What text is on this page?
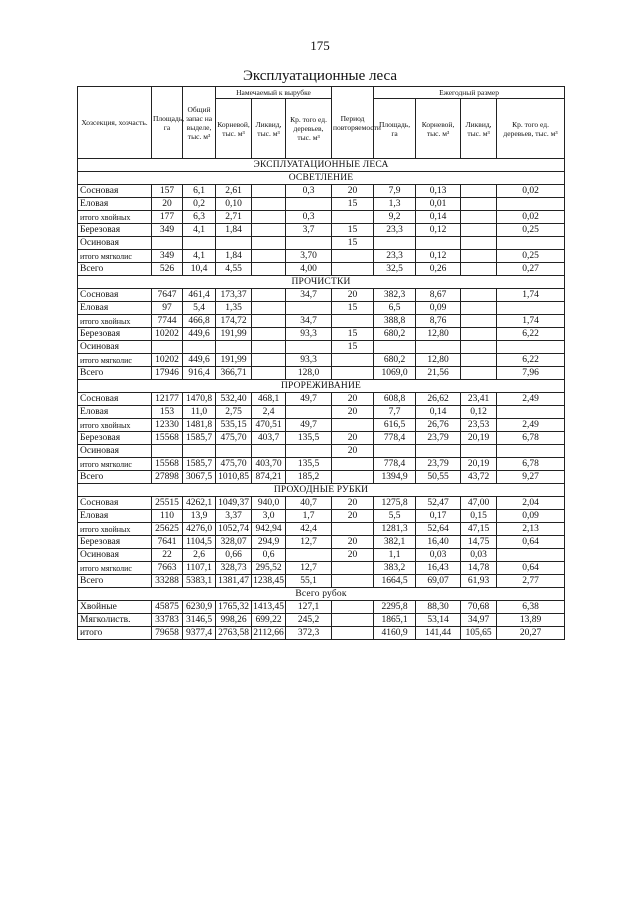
175
Эксплуатационные леса
Хозсекция, хозчасть.	Площадь, га	Общий запас на выделе, тыс. м³	Намечаемый к вырубке			Период повторяемости	Ежегодный размер			
			Корневой, тыс. м³	Ликвид, тыс. м³	Кр. того ед. деревьев, тыс. м³		Площадь, га	Корневой, тыс. м³	Ликвид, тыс. м³	Кр. того ед. деревьев, тыс. м³
ЭКСПЛУАТАЦИОННЫЕ ЛЕСА										
ОСВЕТЛЕНИЕ										
Сосновая	157	6,1	2,61		0,3	20	7,9	0,13		0,02
Еловая	20	0,2	0,10			15	1,3	0,01		
итого хвойных	177	6,3	2,71		0,3		9,2	0,14		0,02
Березовая	349	4,1	1,84		3,7	15	23,3	0,12		0,25
Осиновая						15				
итого мягколис	349	4,1	1,84		3,70		23,3	0,12		0,25
Всего	526	10,4	4,55		4,00		32,5	0,26		0,27
ПРОЧИСТКИ										
Сосновая	7647	461,4	173,37		34,7	20	382,3	8,67		1,74
Еловая	97	5,4	1,35			15	6,5	0,09		
итого хвойных	7744	466,8	174,72		34,7		388,8	8,76		1,74
Березовая	10202	449,6	191,99		93,3	15	680,2	12,80		6,22
Осиновая						15				
итого мягколис	10202	449,6	191,99		93,3		680,2	12,80		6,22
Всего	17946	916,4	366,71		128,0		1069,0	21,56		7,96
ПРОРЕЖИВАНИЕ										
Сосновая	12177	1470,8	532,40	468,1	49,7	20	608,8	26,62	23,41	2,49
Еловая	153	11,0	2,75	2,4		20	7,7	0,14	0,12	
итого хвойных	12330	1481,8	535,15	470,51	49,7		616,5	26,76	23,53	2,49
Березовая	15568	1585,7	475,70	403,7	135,5	20	778,4	23,79	20,19	6,78
Осиновая						20				
итого мягколис	15568	1585,7	475,70	403,70	135,5		778,4	23,79	20,19	6,78
Всего	27898	3067,5	1010,85	874,21	185,2		1394,9	50,55	43,72	9,27
ПРОХОДНЫЕ РУБКИ										
Сосновая	25515	4262,1	1049,37	940,0	40,7	20	1275,8	52,47	47,00	2,04
Еловая	110	13,9	3,37	3,0	1,7	20	5,5	0,17	0,15	0,09
итого хвойных	25625	4276,0	1052,74	942,94	42,4		1281,3	52,64	47,15	2,13
Березовая	7641	1104,5	328,07	294,9	12,7	20	382,1	16,40	14,75	0,64
Осиновая	22	2,6	0,66	0,6		20	1,1	0,03	0,03	
итого мягколис	7663	1107,1	328,73	295,52	12,7		383,2	16,43	14,78	0,64
Всего	33288	5383,1	1381,47	1238,45	55,1		1664,5	69,07	61,93	2,77
Всего рубок										
Хвойные	45875	6230,9	1765,32	1413,45	127,1		2295,8	88,30	70,68	6,38
Мягколиств.	33783	3146,5	998,26	699,22	245,2		1865,1	53,14	34,97	13,89
итого	79658	9377,4	2763,58	2112,66	372,3		4160,9	141,44	105,65	20,27
